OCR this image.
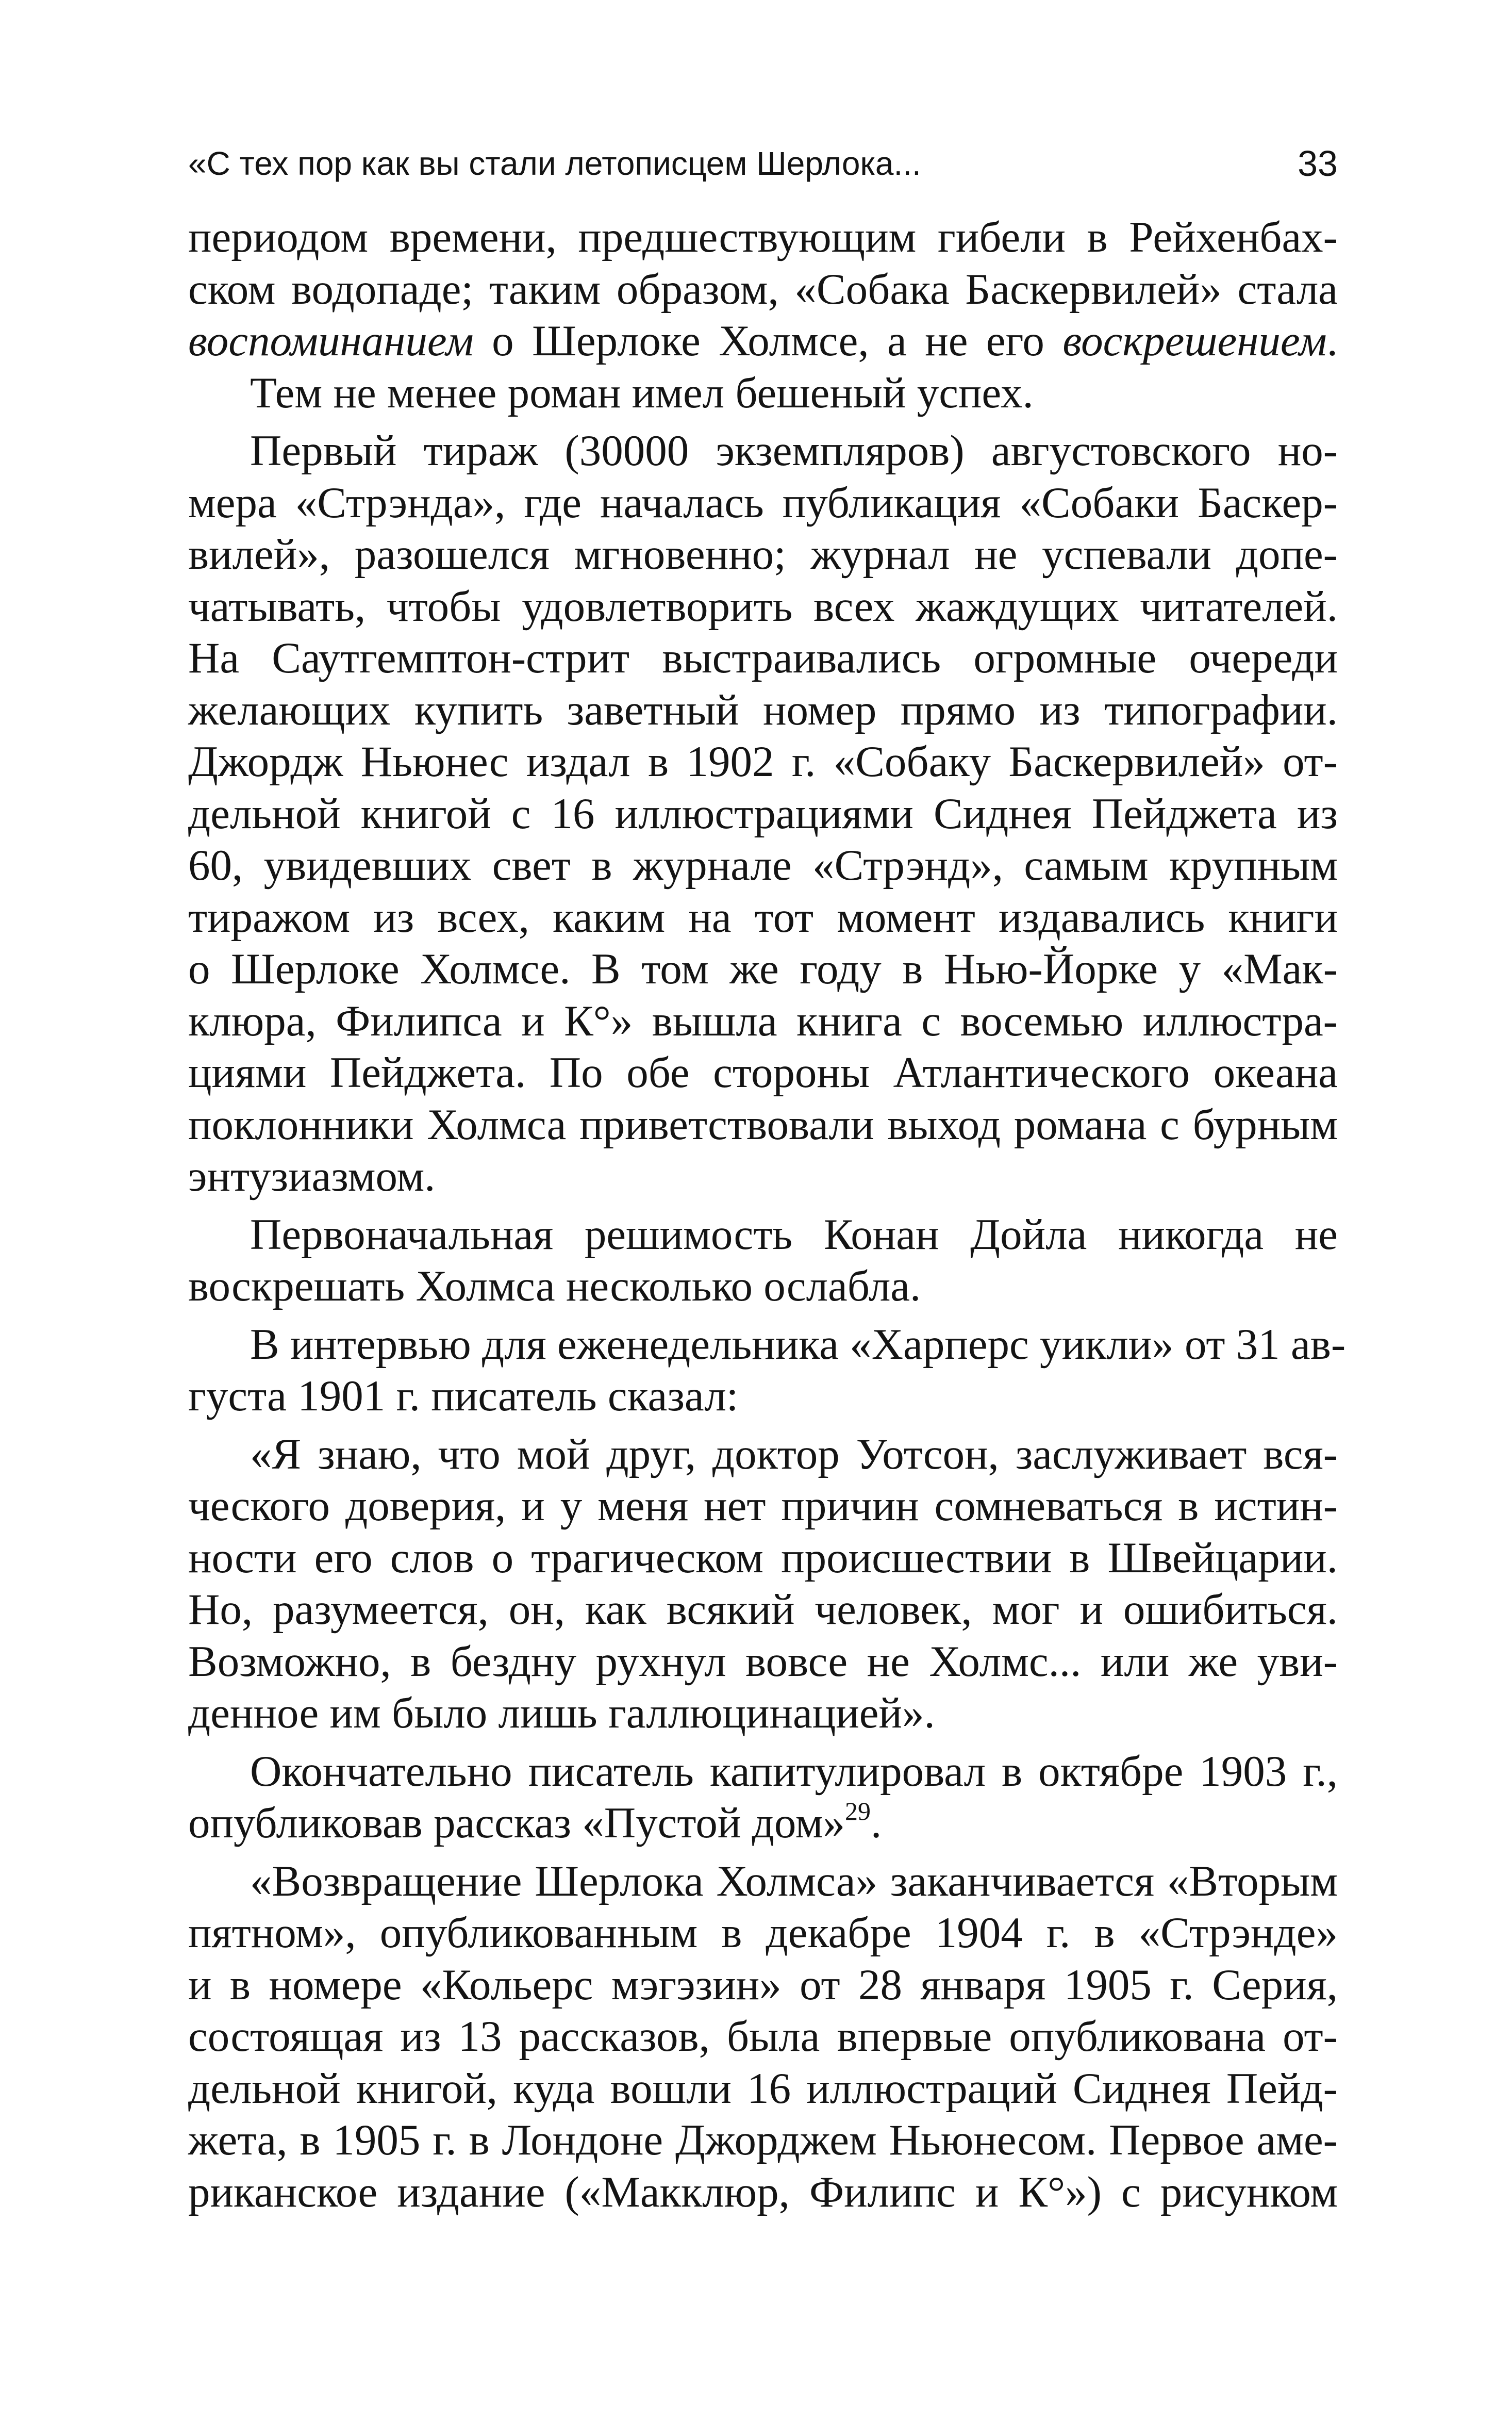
«С тех пор как вы стали летописцем Шерлока...	33
периодом времени, предшествующим гибели в Рейхенбах-
ском водопаде; таким образом, «Собака Баскервилей» стала
воспоминанием о Шерлоке Холмсе, а не его воскрешением.
Тем не менее роман имел бешеный успех.
Первый тираж (30000 экземпляров) августовского но-
мера «Стрэнда», где началась публикация «Собаки Баскер-
вилей», разошелся мгновенно; журнал не успевали допе-
чатывать, чтобы удовлетворить всех жаждущих читателей.
На Саутгемптон-стрит выстраивались огромные очереди
желающих купить заветный номер прямо из типографии.
Джордж Ньюнес издал в 1902 г. «Собаку Баскервилей» от-
дельной книгой с 16 иллюстрациями Сиднея Пейджета из
60, увидевших свет в журнале «Стрэнд», самым крупным
тиражом из всех, каким на тот момент издавались книги
о Шерлоке Холмсе. В том же году в Нью-Йорке у «Мак-
клюра, Филипса и К°» вышла книга с восемью иллюстра-
циями Пейджета. По обе стороны Атлантического океана
поклонники Холмса приветствовали выход романа с бурным
энтузиазмом.
Первоначальная решимость Конан Дойла никогда не
воскрешать Холмса несколько ослабла.
В интервью для еженедельника «Харперс уикли» от 31 ав-
густа 1901 г. писатель сказал:
«Я знаю, что мой друг, доктор Уотсон, заслуживает вся-
ческого доверия, и у меня нет причин сомневаться в истин-
ности его слов о трагическом происшествии в Швейцарии.
Но, разумеется, он, как всякий человек, мог и ошибиться.
Возможно, в бездну рухнул вовсе не Холмс... или же уви-
денное им было лишь галлюцинацией».
Окончательно писатель капитулировал в октябре 1903 г.,
опубликовав рассказ «Пустой дом»$^{29}$.
«Возвращение Шерлока Холмса» заканчивается «Вторым
пятном», опубликованным в декабре 1904 г. в «Стрэнде»
и в номере «Кольерс мэгэзин» от 28 января 1905 г. Серия,
состоящая из 13 рассказов, была впервые опубликована от-
дельной книгой, куда вошли 16 иллюстраций Сиднея Пейд-
жета, в 1905 г. в Лондоне Джорджем Ньюнесом. Первое аме-
риканское издание («Макклюр, Филипс и К°») с рисунком
